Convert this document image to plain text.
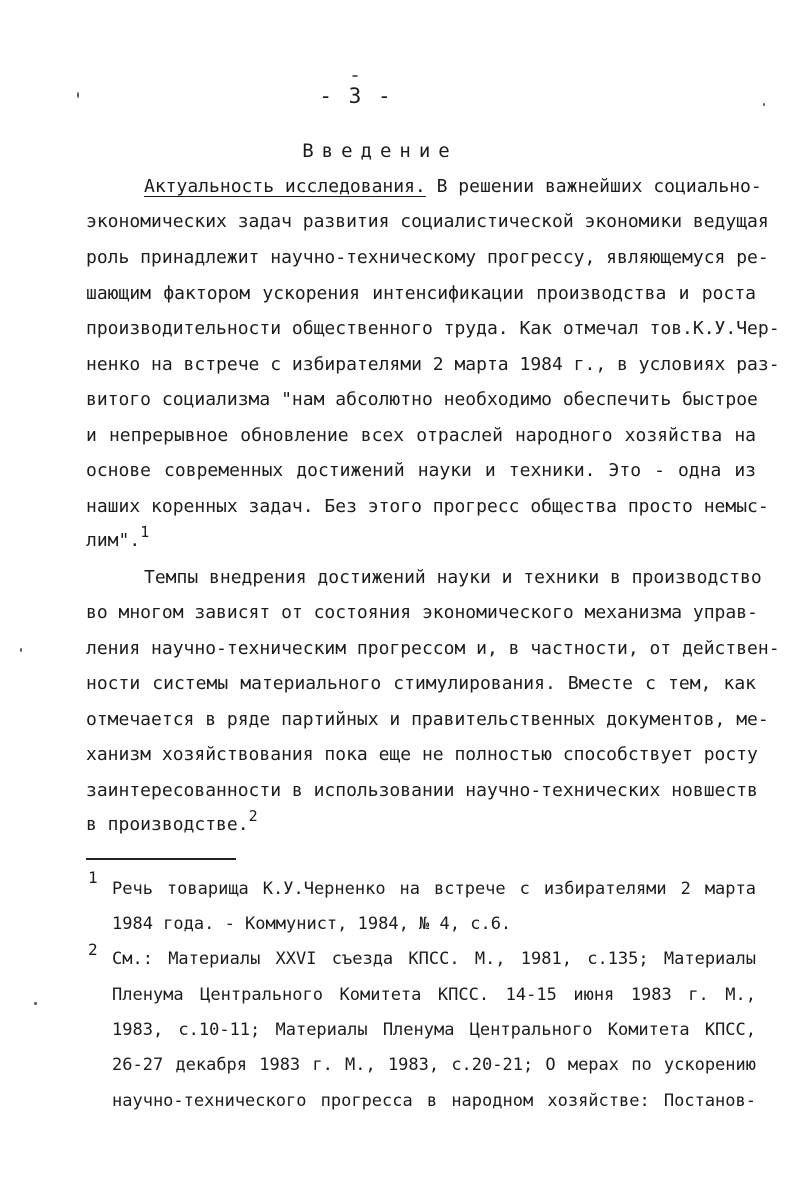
- 3 -
Введение
Актуальность исследования. В решении важнейших социально-
экономических задач развития социалистической экономики ведущая
роль принадлежит научно-техническому прогрессу, являющемуся ре-
шающим фактором ускорения интенсификации производства и роста
производительности общественного труда. Как отмечал тов.К.У.Чер-
ненко на встрече с избирателями 2 марта 1984 г., в условиях раз-
витого социализма "нам абсолютно необходимо обеспечить быстрое
и непрерывное обновление всех отраслей народного хозяйства на
основе современных достижений науки и техники. Это - одна из
наших коренных задач. Без этого прогресс общества просто немыс-
лим".$^1$
Темпы внедрения достижений науки и техники в производство
во многом зависят от состояния экономического механизма управ-
ления научно-техническим прогрессом и, в частности, от действен-
ности системы материального стимулирования. Вместе с тем, как
отмечается в ряде партийных и правительственных документов, ме-
ханизм хозяйствования пока еще не полностью способствует росту
заинтересованности в использовании научно-технических новшеств
в производстве.$^2$
1
Речь товарища К.У.Черненко на встрече с избирателями 2 марта
1984 года. - Коммунист, 1984, № 4, с.6.
2 См.: Материалы XXVI съезда КПСС. М., 1981, с.135; Материалы
Пленума Центрального Комитета КПСС. 14-15 июня 1983 г. М.,
1983, с.10-11; Материалы Пленума Центрального Комитета КПСС,
26-27 декабря 1983 г. М., 1983, с.20-21; О мерах по ускорению
научно-технического прогресса в народном хозяйстве: Постанов-
